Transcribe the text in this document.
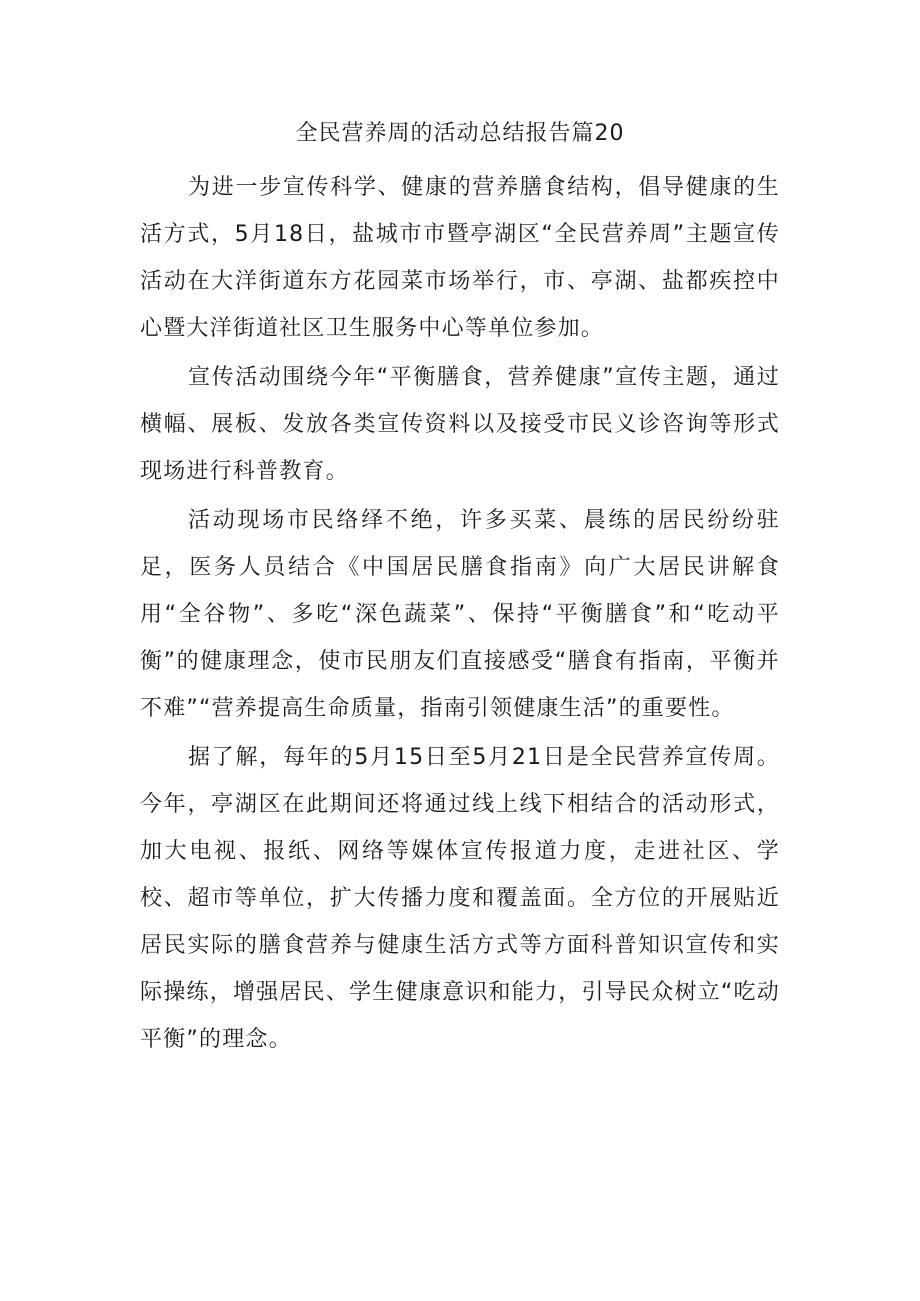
全民营养周的活动总结报告篇20

为进一步宣传科学、健康的营养膳食结构，倡导健康的生活方式，5月18日，盐城市市暨亭湖区“全民营养周”主题宣传活动在大洋街道东方花园菜市场举行，市、亭湖、盐都疾控中心暨大洋街道社区卫生服务中心等单位参加。

宣传活动围绕今年“平衡膳食，营养健康”宣传主题，通过横幅、展板、发放各类宣传资料以及接受市民义诊咨询等形式现场进行科普教育。

活动现场市民络绎不绝，许多买菜、晨练的居民纷纷驻足，医务人员结合《中国居民膳食指南》向广大居民讲解食用“全谷物”、多吃“深色蔬菜”、保持“平衡膳食”和“吃动平衡”的健康理念，使市民朋友们直接感受“膳食有指南，平衡并不难”“营养提高生命质量，指南引领健康生活”的重要性。

据了解，每年的5月15日至5月21日是全民营养宣传周。今年，亭湖区在此期间还将通过线上线下相结合的活动形式，加大电视、报纸、网络等媒体宣传报道力度，走进社区、学校、超市等单位，扩大传播力度和覆盖面。全方位的开展贴近居民实际的膳食营养与健康生活方式等方面科普知识宣传和实际操练，增强居民、学生健康意识和能力，引导民众树立“吃动平衡”的理念。
